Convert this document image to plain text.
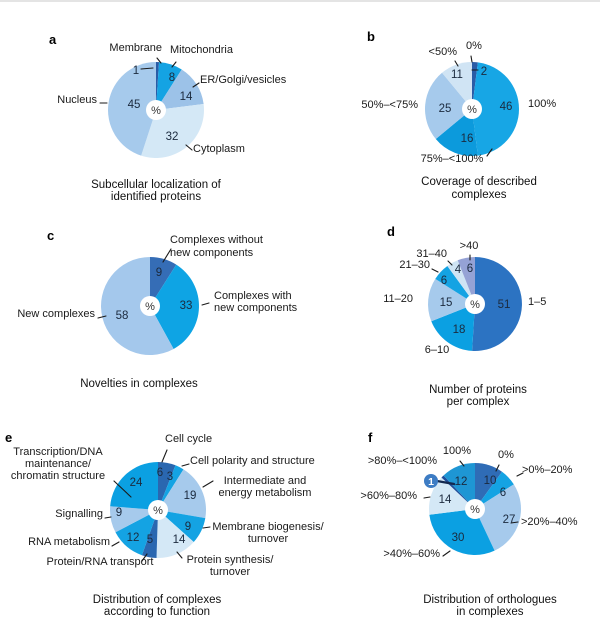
%
1
8
14
32
45	%
2
46
16
25
11
%
9
33
58
% 51
18
15
6
4 6
%
6 3
19
9
14
5
12
9
24
%
10
6
27
30
14
1 12
a
Membrane Mitochondria
ER/Golgi/vesicles
Nucleus
Cytoplasm
Subcellular localization of
identified proteins
b
0%
<50%
100%
50%–<75%
75%–<100%
Coverage of described
complexes
c	Complexes without
new components
Complexes with
new components
New complexes
Novelties in complexes
d
>40
31–40
21–30
11–20	1–5
6–10
Number of proteins
per complex
e	Cell cycle
Transcription/DNA
maintenance/
chromatin structure
Cell polarity and structure
Intermediate and
energy metabolism
Membrane biogenesis/
turnover
Protein synthesis/
turnover
Signalling
RNA metabolism
Protein/RNA transport
Distribution of complexes
according to function
f
100% 0%
>0%–20%
>80%–<100%
>60%–80%
>20%–40%
>40%–60%
Distribution of orthologues
in complexes
